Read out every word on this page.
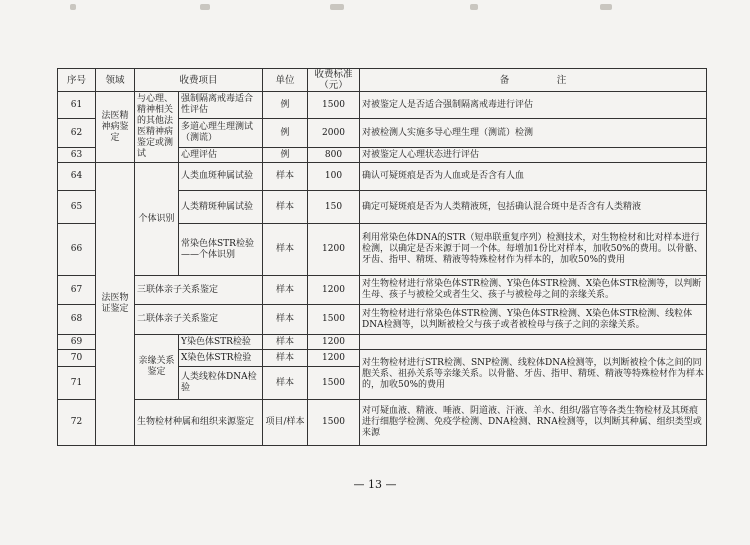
序号	领域	收费项目		单位	收费标准（元）	备　　　　　注
61	法医精神病鉴定	与心理、精神相关的其他法医精神病鉴定或测试	强制隔离戒毒适合性评估	例	1500	对被鉴定人是否适合强制隔离戒毒进行评估
62			多道心理生理测试（测谎）	例	2000	对被检测人实施多导心理生理（测谎）检测
63			心理评估	例	800	对被鉴定人心理状态进行评估
64	法医物证鉴定	个体识别	人类血斑种属试验	样本	100	确认可疑斑痕是否为人血或是否含有人血
65			人类精斑种属试验	样本	150	确定可疑斑痕是否为人类精液斑，包括确认混合斑中是否含有人类精液
66			常染色体STR检验——个体识别	样本	1200	利用常染色体DNA的STR（短串联重复序列）检测技术，对生物检材和比对样本进行检测，以确定是否来源于同一个体。每增加1份比对样本，加收50%的费用。以骨骼、牙齿、指甲、精斑、精液等特殊检材作为样本的，加收50%的费用
67		三联体亲子关系鉴定		样本	1200	对生物检材进行常染色体STR检测、Y染色体STR检测、X染色体STR检测等，以判断生母、孩子与被检父或者生父、孩子与被检母之间的亲缘关系。
68		二联体亲子关系鉴定		样本	1500	对生物检材进行常染色体STR检测、Y染色体STR检测、X染色体STR检测、线粒体DNA检测等，以判断被检父与孩子或者被检母与孩子之间的亲缘关系。
69		亲缘关系鉴定	Y染色体STR检验	样本	1200	
70			X染色体STR检验	样本	1200	对生物检材进行STR检测、SNP检测、线粒体DNA检测等，以判断被检个体之间的同胞关系、祖孙关系等亲缘关系。以骨骼、牙齿、指甲、精斑、精液等特殊检材作为样本的，加收50%的费用
71			人类线粒体DNA检验	样本	1500	
72		生物检材种属和组织来源鉴定		项目/样本	1500	对可疑血液、精液、唾液、阴道液、汗液、羊水、组织/器官等各类生物检材及其斑痕进行细胞学检测、免疫学检测、DNA检测、RNA检测等，以判断其种属、组织类型或来源
— 13 —
